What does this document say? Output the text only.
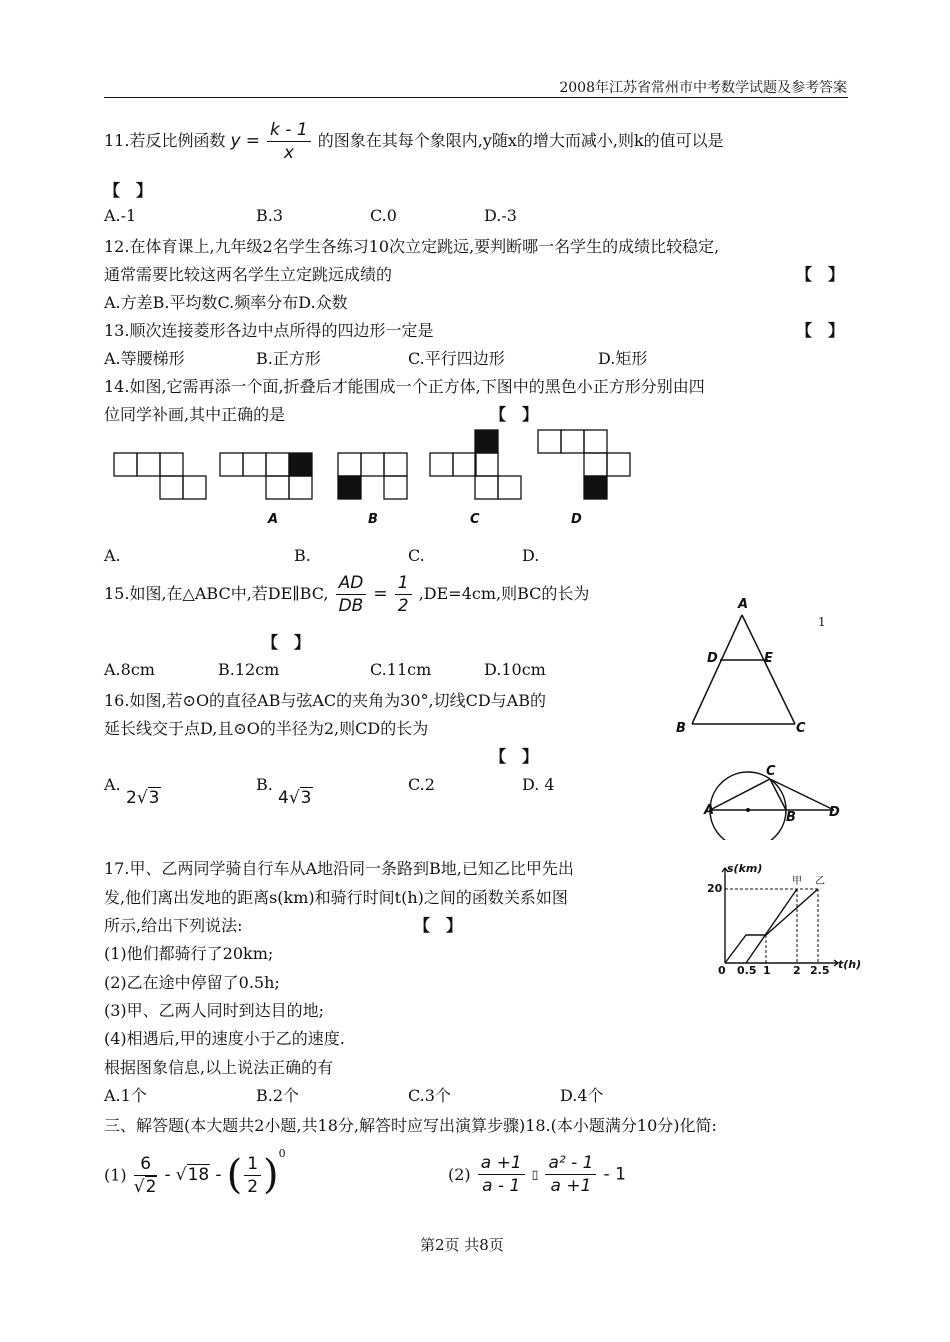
2008年江苏省常州市中考数学试题及参考答案
11.若反比例函数 $y = \frac{k - 1}{x}$ 的图象在其每个象限内,y随x的增大而减小,则k的值可以是
【　】
A.-1	B.3	C.0	D.-3
12.在体育课上,九年级2名学生各练习10次立定跳远,要判断哪一名学生的成绩比较稳定,
通常需要比较这两名学生立定跳远成绩的	【　】
A.方差B.平均数C.频率分布D.众数
13.顺次连接菱形各边中点所得的四边形一定是	【　】
A.等腰梯形	B.正方形	C.平行四边形	D.矩形
14.如图,它需再添一个面,折叠后才能围成一个正方体,下图中的黑色小正方形分别由四
位同学补画,其中正确的是	【　】
A	B	C	D
A.	B.	C.	D.
15.如图,在△ABC中,若DE∥BC, $\frac{AD}{DB} = \frac{1}{2} ,DE=4cm$,则BC的长为
【　】
A.8cm	B.12cm	C.11cm	D.10cm
A
D	E
B	C
1
16.如图,若⊙O的直径AB与弦AC的夹角为30°,切线CD与AB的
延长线交于点D,且⊙O的半径为2,则CD的长为
【　】
A.
2√3
B.
4√3
C.2	D. 4
C
A	B	D
17.甲、乙两同学骑自行车从A地沿同一条路到B地,已知乙比甲先出
发,他们离出发地的距离s(km)和骑行时间t(h)之间的函数关系如图
所示,给出下列说法:	【　】
(1)他们都骑行了20km;
(2)乙在途中停留了0.5h;
(3)甲、乙两人同时到达目的地;
(4)相遇后,甲的速度小于乙的速度.
根据图象信息,以上说法正确的有
A.1个	B.2个	C.3个	D.4个
s(km)
t(h)
20
0 0.5 1 2 2.5
甲 乙
三、解答题(本大题共2小题,共18分,解答时应写出演算步骤)18.(本小题满分10分)化简:
$(1) \frac{6}{√2} - √18$ - ( $\frac{1}{2} )^0$
$(2) \frac{a +1}{a - 1}$ ▯ $\frac{\text{a² - 1}}{a +1} - 1$
第2页 共8页
